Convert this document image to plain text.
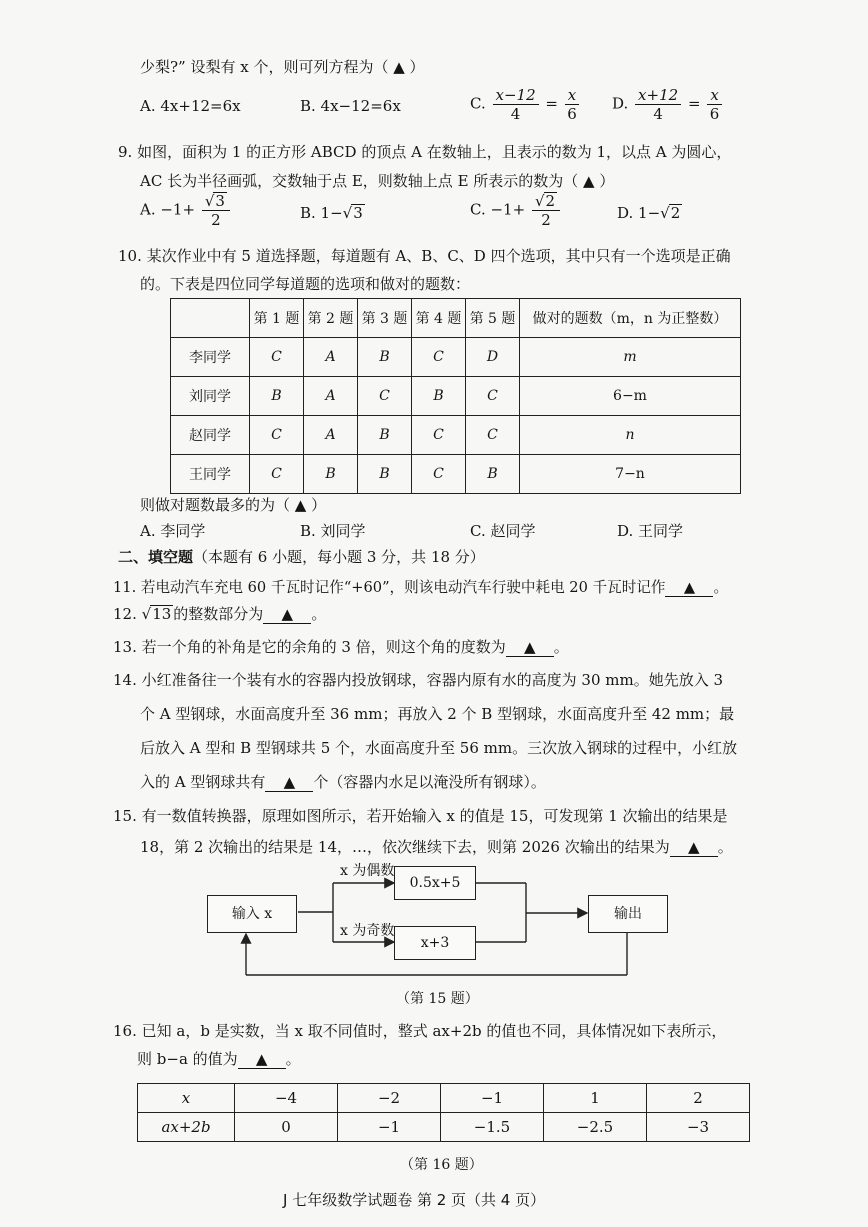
少梨?” 设梨有 x 个，则可列方程为（ ▲ ）
A. 4x+12=6x	B. 4x−12=6x	C. $\frac{x-12}{4} = \frac{x}{6} D$. $\frac{x+12}{4} = \frac{x}{6}$
9. 如图，面积为 1 的正方形 ABCD 的顶点 A 在数轴上，且表示的数为 1，以点 A 为圆心，
AC 长为半径画弧，交数轴于点 E，则数轴上点 E 所表示的数为（ ▲ ）
A. $-1+ \frac{√3}{2}$	B. 1−√3	C. $-1+ \frac{√2}{2}$	D. 1−√2
10. 某次作业中有 5 道选择题，每道题有 A、B、C、D 四个选项，其中只有一个选项是正确
的。下表是四位同学每道题的选项和做对的题数：
	第 1 题	第 2 题	第 3 题	第 4 题	第 5 题	做对的题数（m，n 为正整数）
李同学	C	A	B	C	D	m
刘同学	B	A	C	B	C	6−m
赵同学	C	A	B	C	C	n
王同学	C	B	B	C	B	7−n
则做对题数最多的为（ ▲ ）
A. 李同学	B. 刘同学	C. 赵同学	D. 王同学
二、填空题（本题有 6 小题，每小题 3 分，共 18 分）
11. 若电动汽车充电 60 千瓦时记作“+60”，则该电动汽车行驶中耗电 20 千瓦时记作 ▲ 。
12. √13 的整数部分为 ▲ 。
13. 若一个角的补角是它的余角的 3 倍，则这个角的度数为 ▲ 。
14. 小红准备往一个装有水的容器内投放钢球，容器内原有水的高度为 30 mm。她先放入 3
个 A 型钢球，水面高度升至 36 mm；再放入 2 个 B 型钢球，水面高度升至 42 mm；最
后放入 A 型和 B 型钢球共 5 个，水面高度升至 56 mm。三次放入钢球的过程中，小红放
入的 A 型钢球共有 ▲ 个（容器内水足以淹没所有钢球）。
15. 有一数值转换器，原理如图所示，若开始输入 x 的值是 15，可发现第 1 次输出的结果是
18，第 2 次输出的结果是 14，…，依次继续下去，则第 2026 次输出的结果为 ▲ 。
输入 x
x 为偶数
x 为奇数
0.5x+5
x+3
输出
（第 15 题）
16. 已知 a，b 是实数，当 x 取不同值时，整式 ax+2b 的值也不同，具体情况如下表所示，
则 b−a 的值为 ▲ 。
x	−4	−2	−1	1	2
ax+2b	0	−1	−1.5	−2.5	−3
（第 16 题）
J 七年级数学试题卷 第 2 页（共 4 页）
